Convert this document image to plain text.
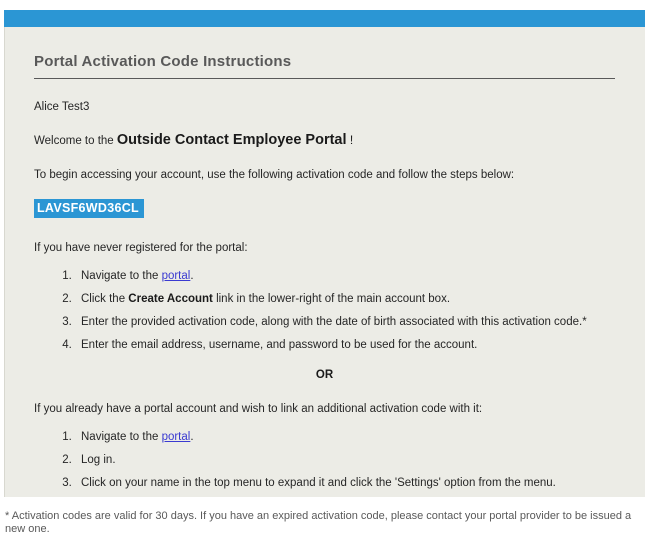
Portal Activation Code Instructions

Alice Test3

Welcome to the Outside Contact Employee Portal !

To begin accessing your account, use the following activation code and follow the steps below:

LAVSF6WD36CL

If you have never registered for the portal:

1. Navigate to the portal.
2. Click the Create Account link in the lower-right of the main account box.
3. Enter the provided activation code, along with the date of birth associated with this activation code.*
4. Enter the email address, username, and password to be used for the account.

OR

If you already have a portal account and wish to link an additional activation code with it:

1. Navigate to the portal.
2. Log in.
3. Click on your name in the top menu to expand it and click the 'Settings' option from the menu.

* Activation codes are valid for 30 days. If you have an expired activation code, please contact your portal provider to be issued a new one.
